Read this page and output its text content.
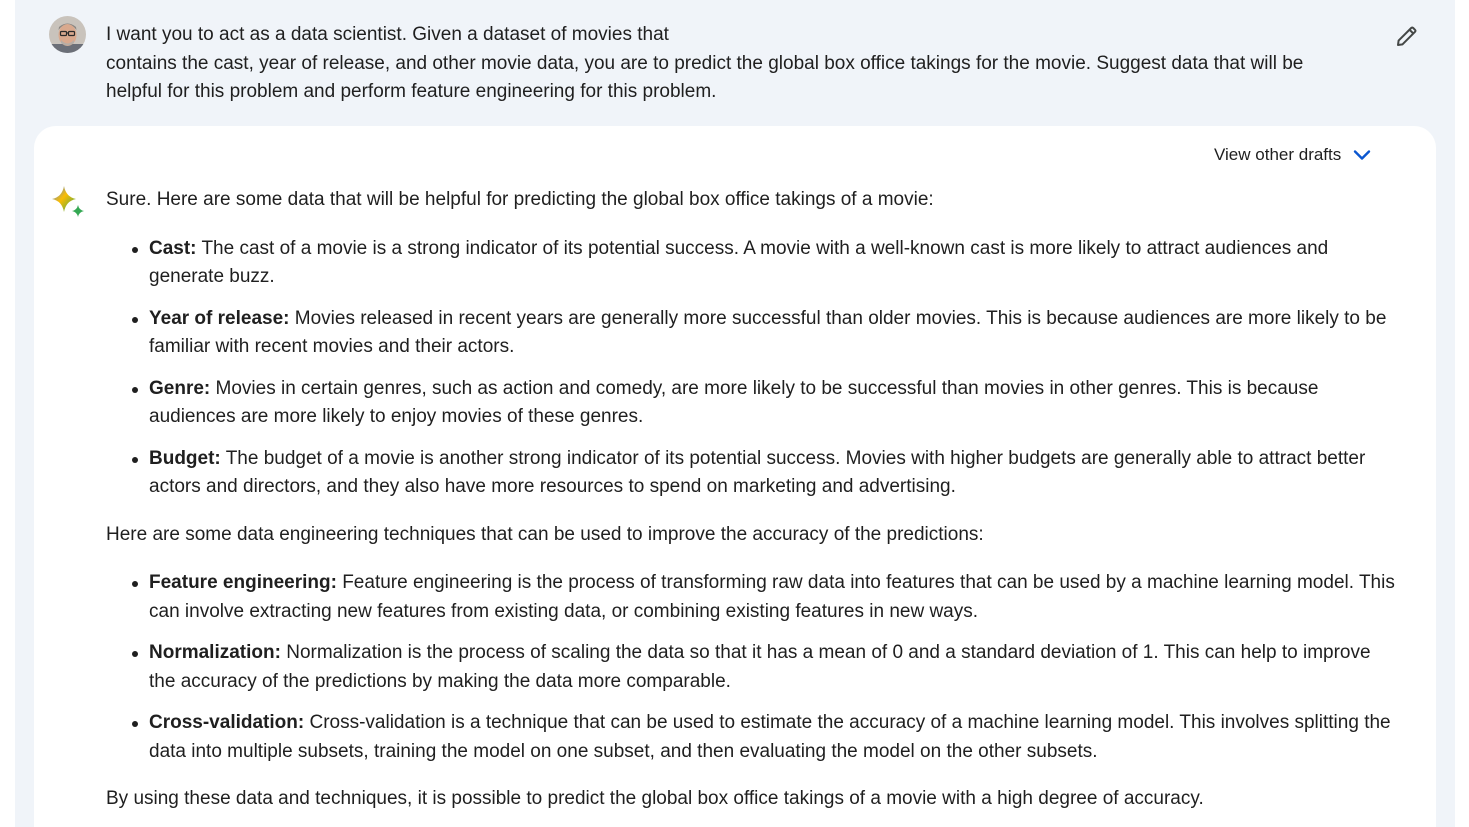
I want you to act as a data scientist. Given a dataset of movies that
contains the cast, year of release, and other movie data, you are to predict the global box office takings for the movie. Suggest data that will be
helpful for this problem and perform feature engineering for this problem.

View other drafts

Sure. Here are some data that will be helpful for predicting the global box office takings of a movie:

Cast: The cast of a movie is a strong indicator of its potential success. A movie with a well-known cast is more likely to attract audiences and generate buzz.
Year of release: Movies released in recent years are generally more successful than older movies. This is because audiences are more likely to be familiar with recent movies and their actors.
Genre: Movies in certain genres, such as action and comedy, are more likely to be successful than movies in other genres. This is because audiences are more likely to enjoy movies of these genres.
Budget: The budget of a movie is another strong indicator of its potential success. Movies with higher budgets are generally able to attract better actors and directors, and they also have more resources to spend on marketing and advertising.

Here are some data engineering techniques that can be used to improve the accuracy of the predictions:

Feature engineering: Feature engineering is the process of transforming raw data into features that can be used by a machine learning model. This can involve extracting new features from existing data, or combining existing features in new ways.
Normalization: Normalization is the process of scaling the data so that it has a mean of 0 and a standard deviation of 1. This can help to improve the accuracy of the predictions by making the data more comparable.
Cross-validation: Cross-validation is a technique that can be used to estimate the accuracy of a machine learning model. This involves splitting the data into multiple subsets, training the model on one subset, and then evaluating the model on the other subsets.

By using these data and techniques, it is possible to predict the global box office takings of a movie with a high degree of accuracy.
